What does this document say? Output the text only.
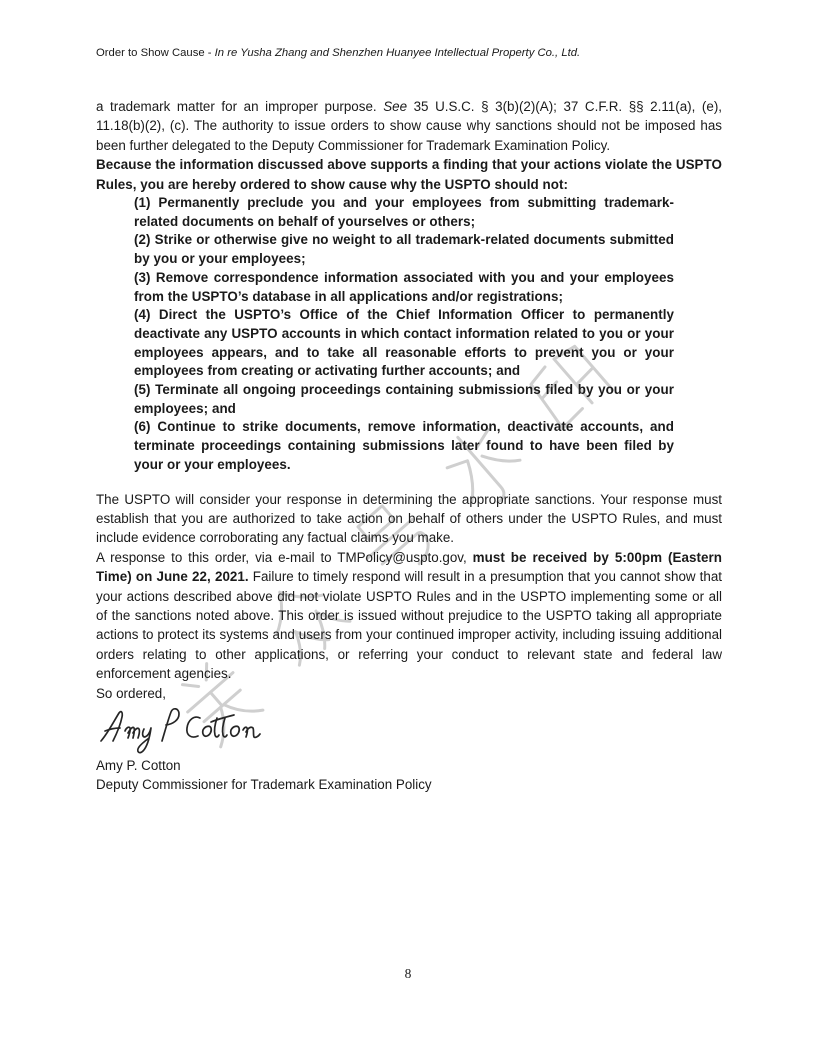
Order to Show Cause - In re Yusha Zhang and Shenzhen Huanyee Intellectual Property Co., Ltd.

a trademark matter for an improper purpose. See 35 U.S.C. § 3(b)(2)(A); 37 C.F.R. §§ 2.11(a), (e), 11.18(b)(2), (c). The authority to issue orders to show cause why sanctions should not be imposed has been further delegated to the Deputy Commissioner for Trademark Examination Policy.

Because the information discussed above supports a finding that your actions violate the USPTO Rules, you are hereby ordered to show cause why the USPTO should not:

(1) Permanently preclude you and your employees from submitting trademark-related documents on behalf of yourselves or others;
(2) Strike or otherwise give no weight to all trademark-related documents submitted by you or your employees;
(3) Remove correspondence information associated with you and your employees from the USPTO’s database in all applications and/or registrations;
(4) Direct the USPTO’s Office of the Chief Information Officer to permanently deactivate any USPTO accounts in which contact information related to you or your employees appears, and to take all reasonable efforts to prevent you or your employees from creating or activating further accounts; and
(5) Terminate all ongoing proceedings containing submissions filed by you or your employees; and
(6) Continue to strike documents, remove information, deactivate accounts, and terminate proceedings containing submissions later found to have been filed by your or your employees.

The USPTO will consider your response in determining the appropriate sanctions. Your response must establish that you are authorized to take action on behalf of others under the USPTO Rules, and must include evidence corroborating any factual claims you make.

A response to this order, via e-mail to TMPolicy@uspto.gov, must be received by 5:00pm (Eastern Time) on June 22, 2021. Failure to timely respond will result in a presumption that you cannot show that your actions described above did not violate USPTO Rules and in the USPTO implementing some or all of the sanctions noted above. This order is issued without prejudice to the USPTO taking all appropriate actions to protect its systems and users from your continued improper activity, including issuing additional orders relating to other applications, or referring your conduct to relevant state and federal law enforcement agencies.

So ordered,

Amy P. Cotton
Deputy Commissioner for Trademark Examination Policy
8
